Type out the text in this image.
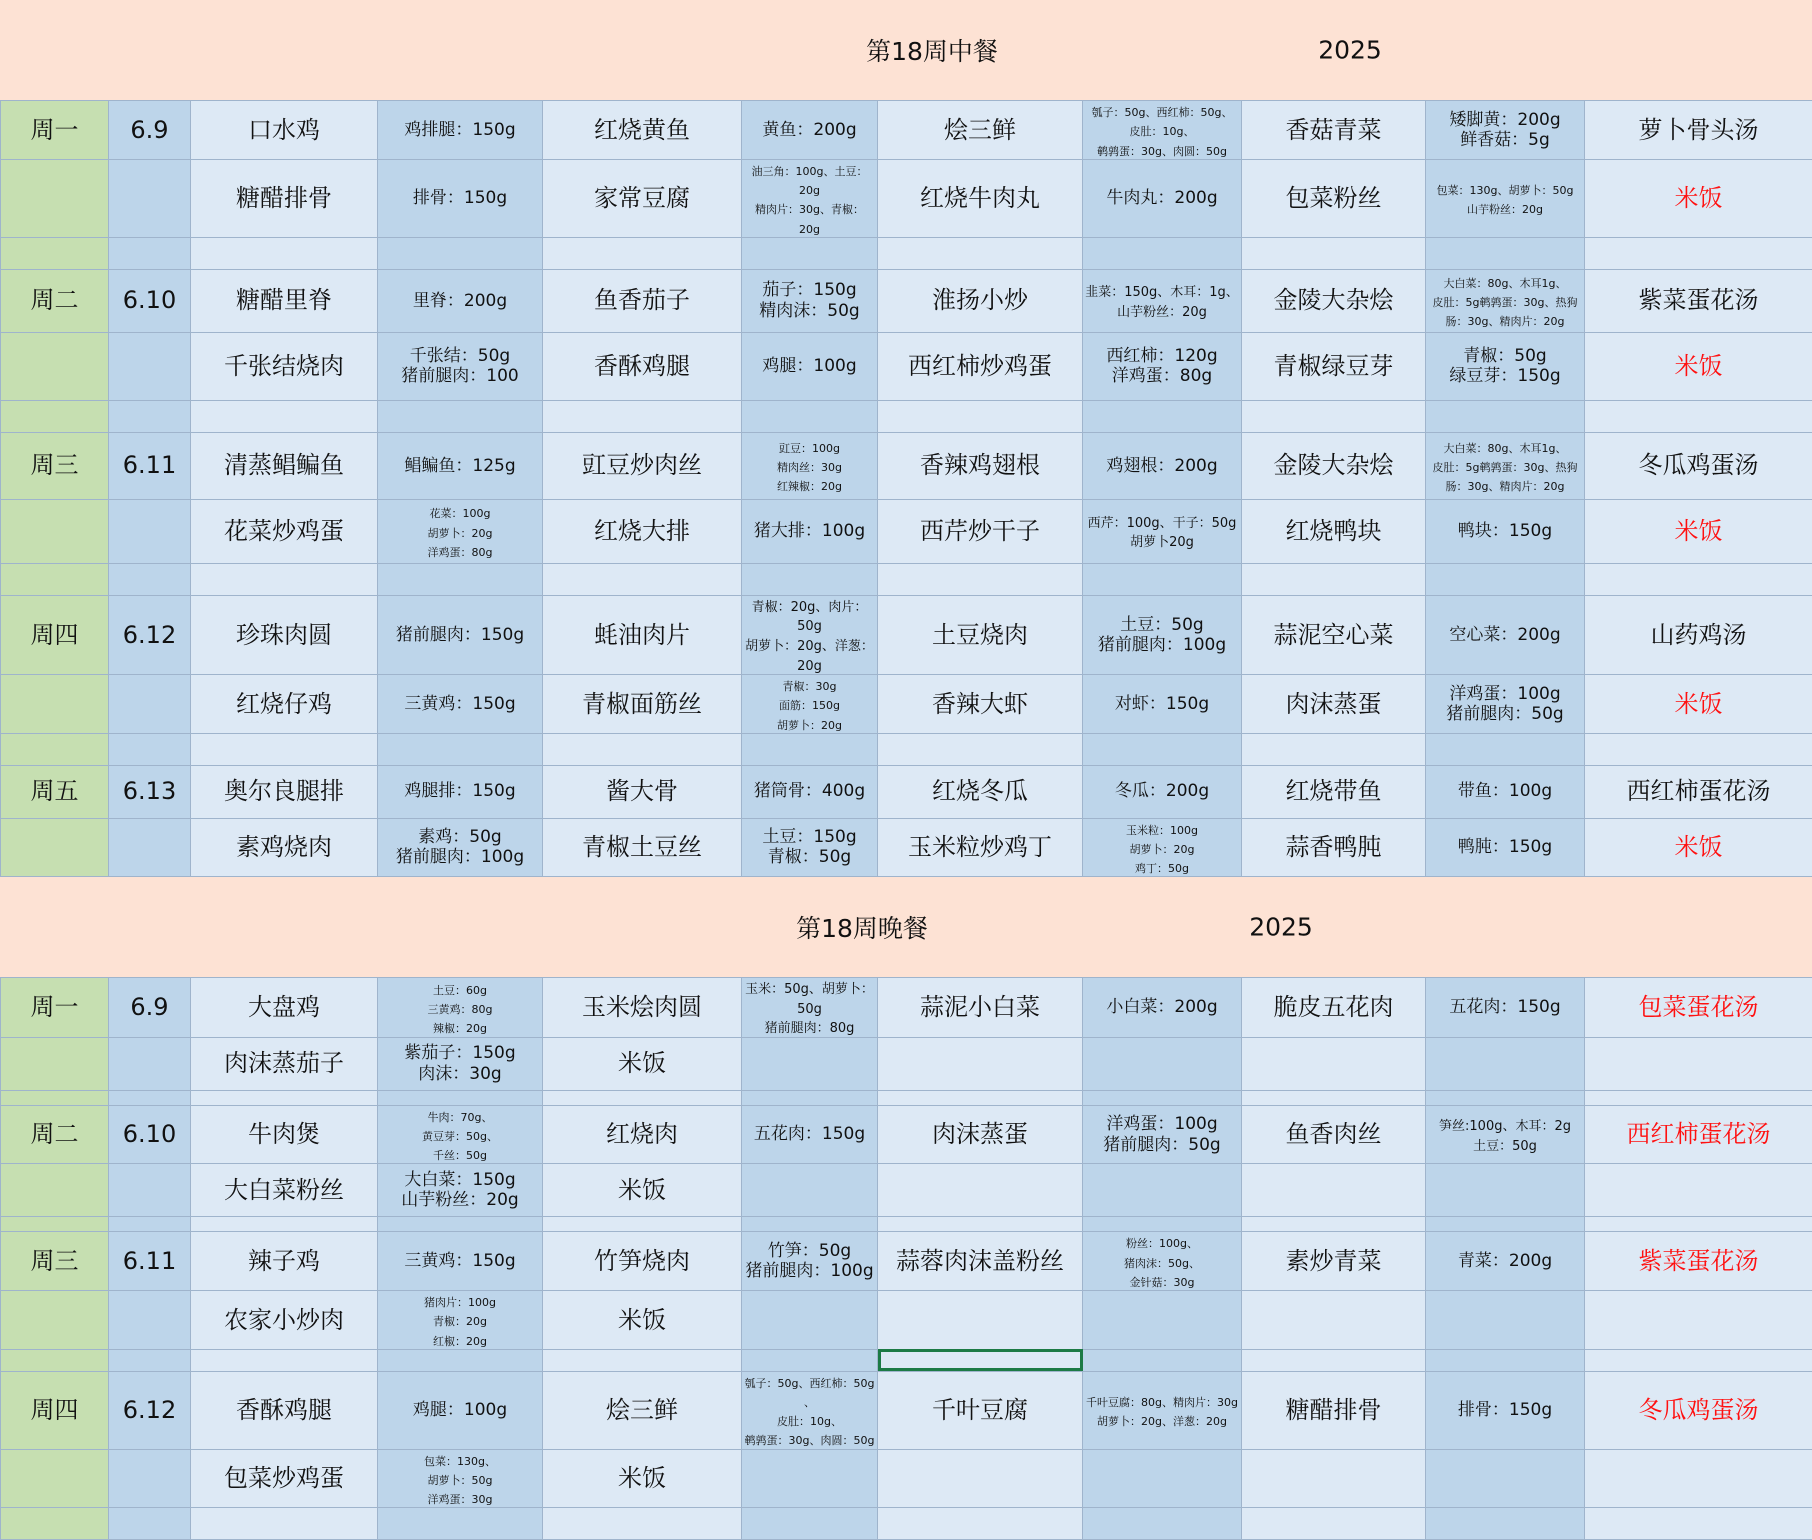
第18周中餐	2025
周一	6.9	口水鸡	鸡排腿：150g	红烧黄鱼	黄鱼：200g	烩三鲜	瓠子：50g、西红柿：50g、
皮肚：10g、
鹌鹑蛋：30g、肉圆：50g	香菇青菜	矮脚黄：200g
鲜香菇：5g	萝卜骨头汤
		糖醋排骨	排骨：150g	家常豆腐	油三角：100g、土豆：
20g
精肉片：30g、青椒：
20g	红烧牛肉丸	牛肉丸：200g	包菜粉丝	包菜：130g、胡萝卜：50g
山芋粉丝：20g	米饭

周二	6.10	糖醋里脊	里脊：200g	鱼香茄子	茄子：150g
精肉沫：50g	淮扬小炒	韭菜：150g、木耳：1g、
山芋粉丝：20g	金陵大杂烩	大白菜：80g、木耳1g、
皮肚：5g鹌鹑蛋：30g、热狗
肠：30g、精肉片：20g	紫菜蛋花汤
		千张结烧肉	千张结：50g
猪前腿肉：100	香酥鸡腿	鸡腿：100g	西红柿炒鸡蛋	西红柿：120g
洋鸡蛋：80g	青椒绿豆芽	青椒：50g
绿豆芽：150g	米饭

周三	6.11	清蒸鲳鳊鱼	鲳鳊鱼：125g	豇豆炒肉丝	豇豆：100g
精肉丝：30g
红辣椒：20g	香辣鸡翅根	鸡翅根：200g	金陵大杂烩	大白菜：80g、木耳1g、
皮肚：5g鹌鹑蛋：30g、热狗
肠：30g、精肉片：20g	冬瓜鸡蛋汤
		花菜炒鸡蛋	花菜：100g
胡萝卜：20g
洋鸡蛋：80g	红烧大排	猪大排：100g	西芹炒干子	西芹：100g、干子：50g
胡萝卜20g	红烧鸭块	鸭块：150g	米饭

周四	6.12	珍珠肉圆	猪前腿肉：150g	蚝油肉片	青椒：20g、肉片：50g
胡萝卜：20g、洋葱：20g	土豆烧肉	土豆：50g
猪前腿肉：100g	蒜泥空心菜	空心菜：200g	山药鸡汤
		红烧仔鸡	三黄鸡：150g	青椒面筋丝	青椒：30g
面筋：150g
胡萝卜：20g	香辣大虾	对虾：150g	肉沫蒸蛋	洋鸡蛋：100g
猪前腿肉：50g	米饭

周五	6.13	奥尔良腿排	鸡腿排：150g	酱大骨	猪筒骨：400g	红烧冬瓜	冬瓜：200g	红烧带鱼	带鱼：100g	西红柿蛋花汤
		素鸡烧肉	素鸡：50g
猪前腿肉：100g	青椒土豆丝	土豆：150g
青椒：50g	玉米粒炒鸡丁	玉米粒：100g
胡萝卜：20g
鸡丁：50g	蒜香鸭肫	鸭肫：150g	米饭

第18周晚餐	2025
周一	6.9	大盘鸡	土豆：60g
三黄鸡：80g
辣椒：20g	玉米烩肉圆	玉米：50g、胡萝卜：50g
猪前腿肉：80g	蒜泥小白菜	小白菜：200g	脆皮五花肉	五花肉：150g	包菜蛋花汤
		肉沫蒸茄子	紫茄子：150g
肉沫：30g	米饭						

周二	6.10	牛肉煲	牛肉：70g、
黄豆芽：50g、
千丝：50g	红烧肉	五花肉：150g	肉沫蒸蛋	洋鸡蛋：100g
猪前腿肉：50g	鱼香肉丝	笋丝:100g、木耳：2g
土豆：50g	西红柿蛋花汤
		大白菜粉丝	大白菜：150g
山芋粉丝：20g	米饭						

周三	6.11	辣子鸡	三黄鸡：150g	竹笋烧肉	竹笋：50g
猪前腿肉：100g	蒜蓉肉沫盖粉丝	粉丝：100g、
猪肉沫：50g、
金针菇：30g	素炒青菜	青菜：200g	紫菜蛋花汤
		农家小炒肉	猪肉片：100g
青椒：20g
红椒：20g	米饭						

周四	6.12	香酥鸡腿	鸡腿：100g	烩三鲜	瓠子：50g、西红柿：50g
、
皮肚：10g、
鹌鹑蛋：30g、肉圆：50g	千叶豆腐	千叶豆腐：80g、精肉片：30g
胡萝卜：20g、洋葱：20g	糖醋排骨	排骨：150g	冬瓜鸡蛋汤
		包菜炒鸡蛋	包菜：130g、
胡萝卜：50g
洋鸡蛋：30g	米饭						
